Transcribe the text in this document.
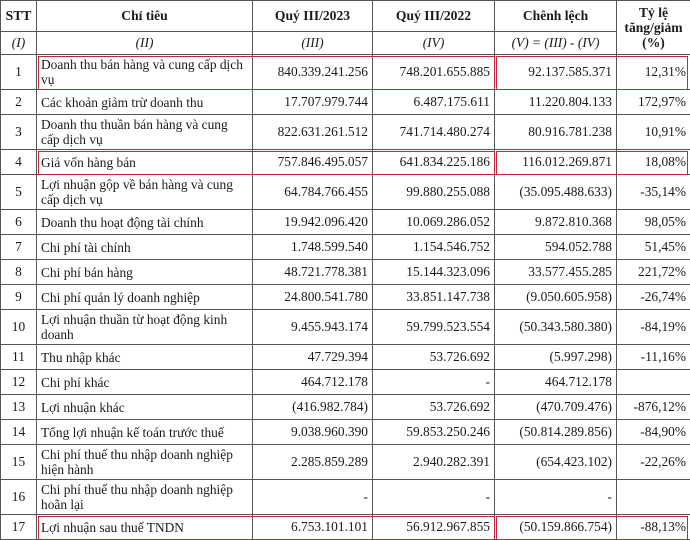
STT	Chỉ tiêu	Quý III/2023	Quý III/2022	Chênh lệch	Tỷ lệ tăng/giảm (%)
(I)	(II)	(III)	(IV)	(V) = (III) - (IV)	
1	Doanh thu bán hàng và cung cấp dịch vụ	840.339.241.256	748.201.655.885	92.137.585.371	12,31%
2	Các khoản giảm trừ doanh thu	17.707.979.744	6.487.175.611	11.220.804.133	172,97%
3	Doanh thu thuần bán hàng và cung cấp dịch vụ	822.631.261.512	741.714.480.274	80.916.781.238	10,91%
4	Giá vốn hàng bán	757.846.495.057	641.834.225.186	116.012.269.871	18,08%
5	Lợi nhuận gộp về bán hàng và cung cấp dịch vụ	64.784.766.455	99.880.255.088	(35.095.488.633)	-35,14%
6	Doanh thu hoạt động tài chính	19.942.096.420	10.069.286.052	9.872.810.368	98,05%
7	Chi phí tài chính	1.748.599.540	1.154.546.752	594.052.788	51,45%
8	Chi phí bán hàng	48.721.778.381	15.144.323.096	33.577.455.285	221,72%
9	Chi phí quản lý doanh nghiệp	24.800.541.780	33.851.147.738	(9.050.605.958)	-26,74%
10	Lợi nhuận thuần từ hoạt động kinh doanh	9.455.943.174	59.799.523.554	(50.343.580.380)	-84,19%
11	Thu nhập khác	47.729.394	53.726.692	(5.997.298)	-11,16%
12	Chi phí khác	464.712.178	-	464.712.178	
13	Lợi nhuận khác	(416.982.784)	53.726.692	(470.709.476)	-876,12%
14	Tổng lợi nhuận kế toán trước thuế	9.038.960.390	59.853.250.246	(50.814.289.856)	-84,90%
15	Chi phí thuế thu nhập doanh nghiệp hiện hành	2.285.859.289	2.940.282.391	(654.423.102)	-22,26%
16	Chi phí thuế thu nhập doanh nghiệp hoãn lại	-	-	-	
17	Lợi nhuận sau thuế TNDN	6.753.101.101	56.912.967.855	(50.159.866.754)	-88,13%
